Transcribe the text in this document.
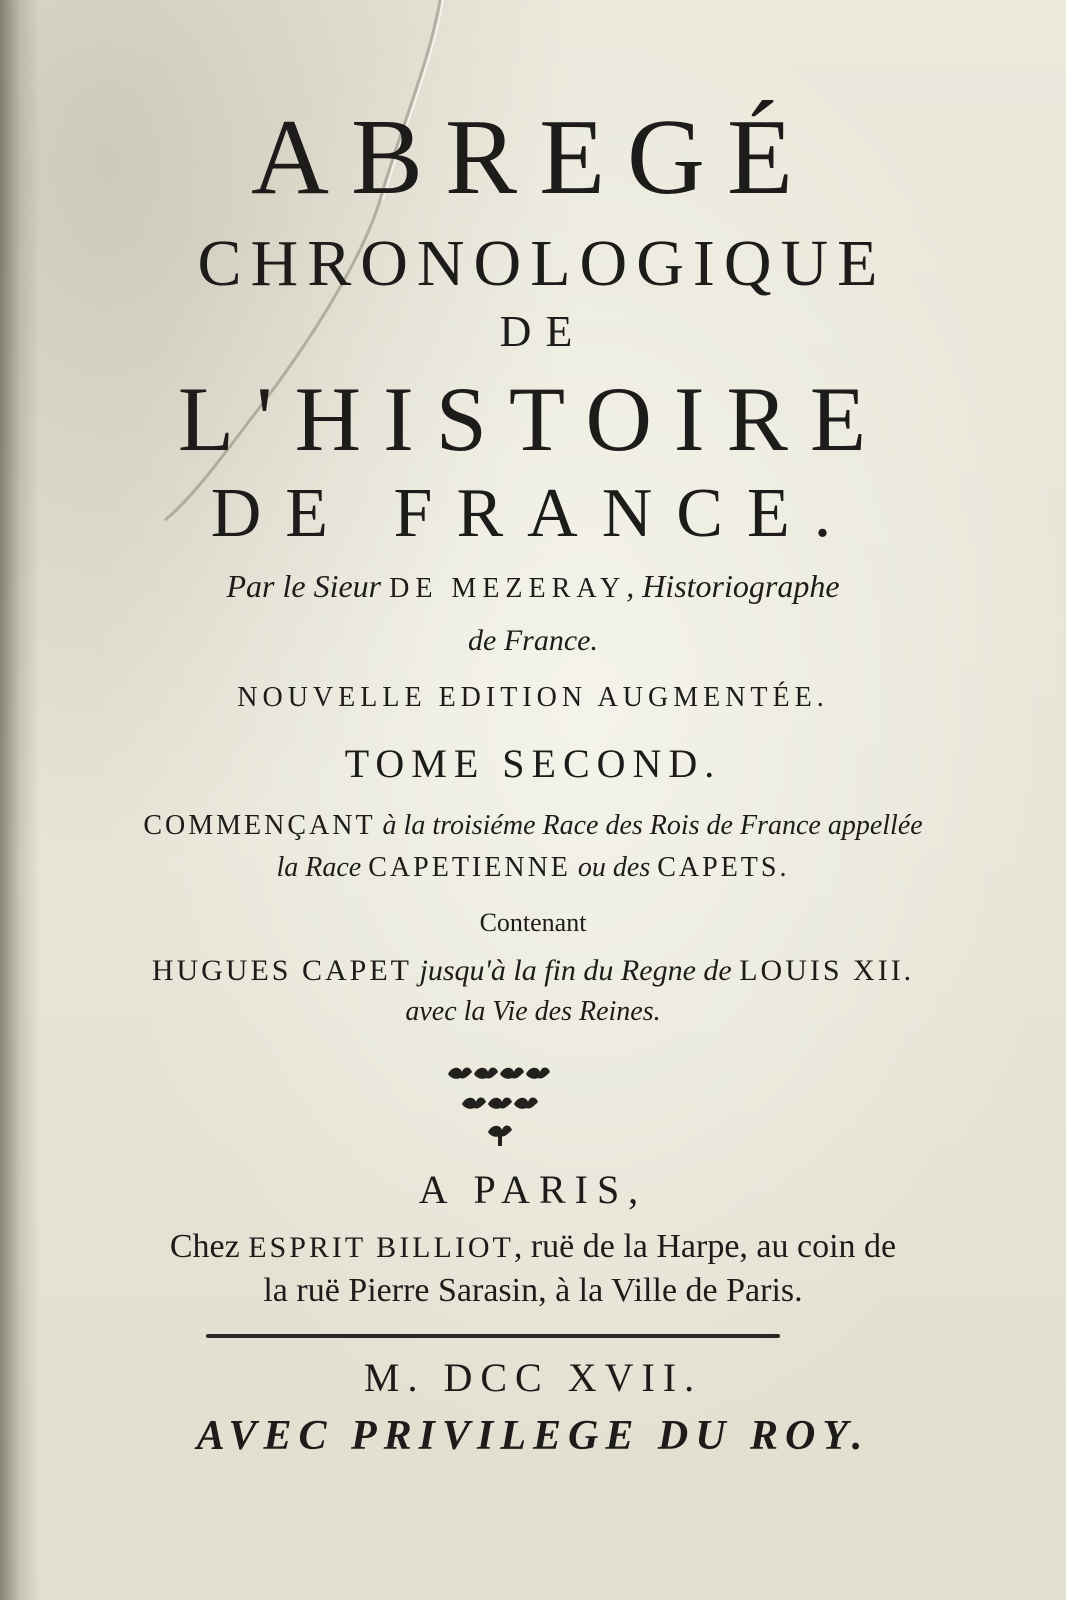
ABREGÉ
CHRONOLOGIQUE
DE
L'HISTOIRE
DE FRANCE.
Par le Sieur DE MEZERAY, Historiographe
de France.
NOUVELLE EDITION AUGMENTÉE.
TOME SECOND.
COMMENÇANT à la troisiéme Race des Rois de France appellée
la Race CAPETIENNE ou des CAPETS.
Contenant
HUGUES CAPET jusqu'à la fin du Regne de LOUIS XII.
avec la Vie des Reines.
A PARIS,
Chez ESPRIT BILLIOT, ruë de la Harpe, au coin de
la ruë Pierre Sarasin, à la Ville de Paris.
M. DCC XVII.
AVEC PRIVILEGE DU ROY.
